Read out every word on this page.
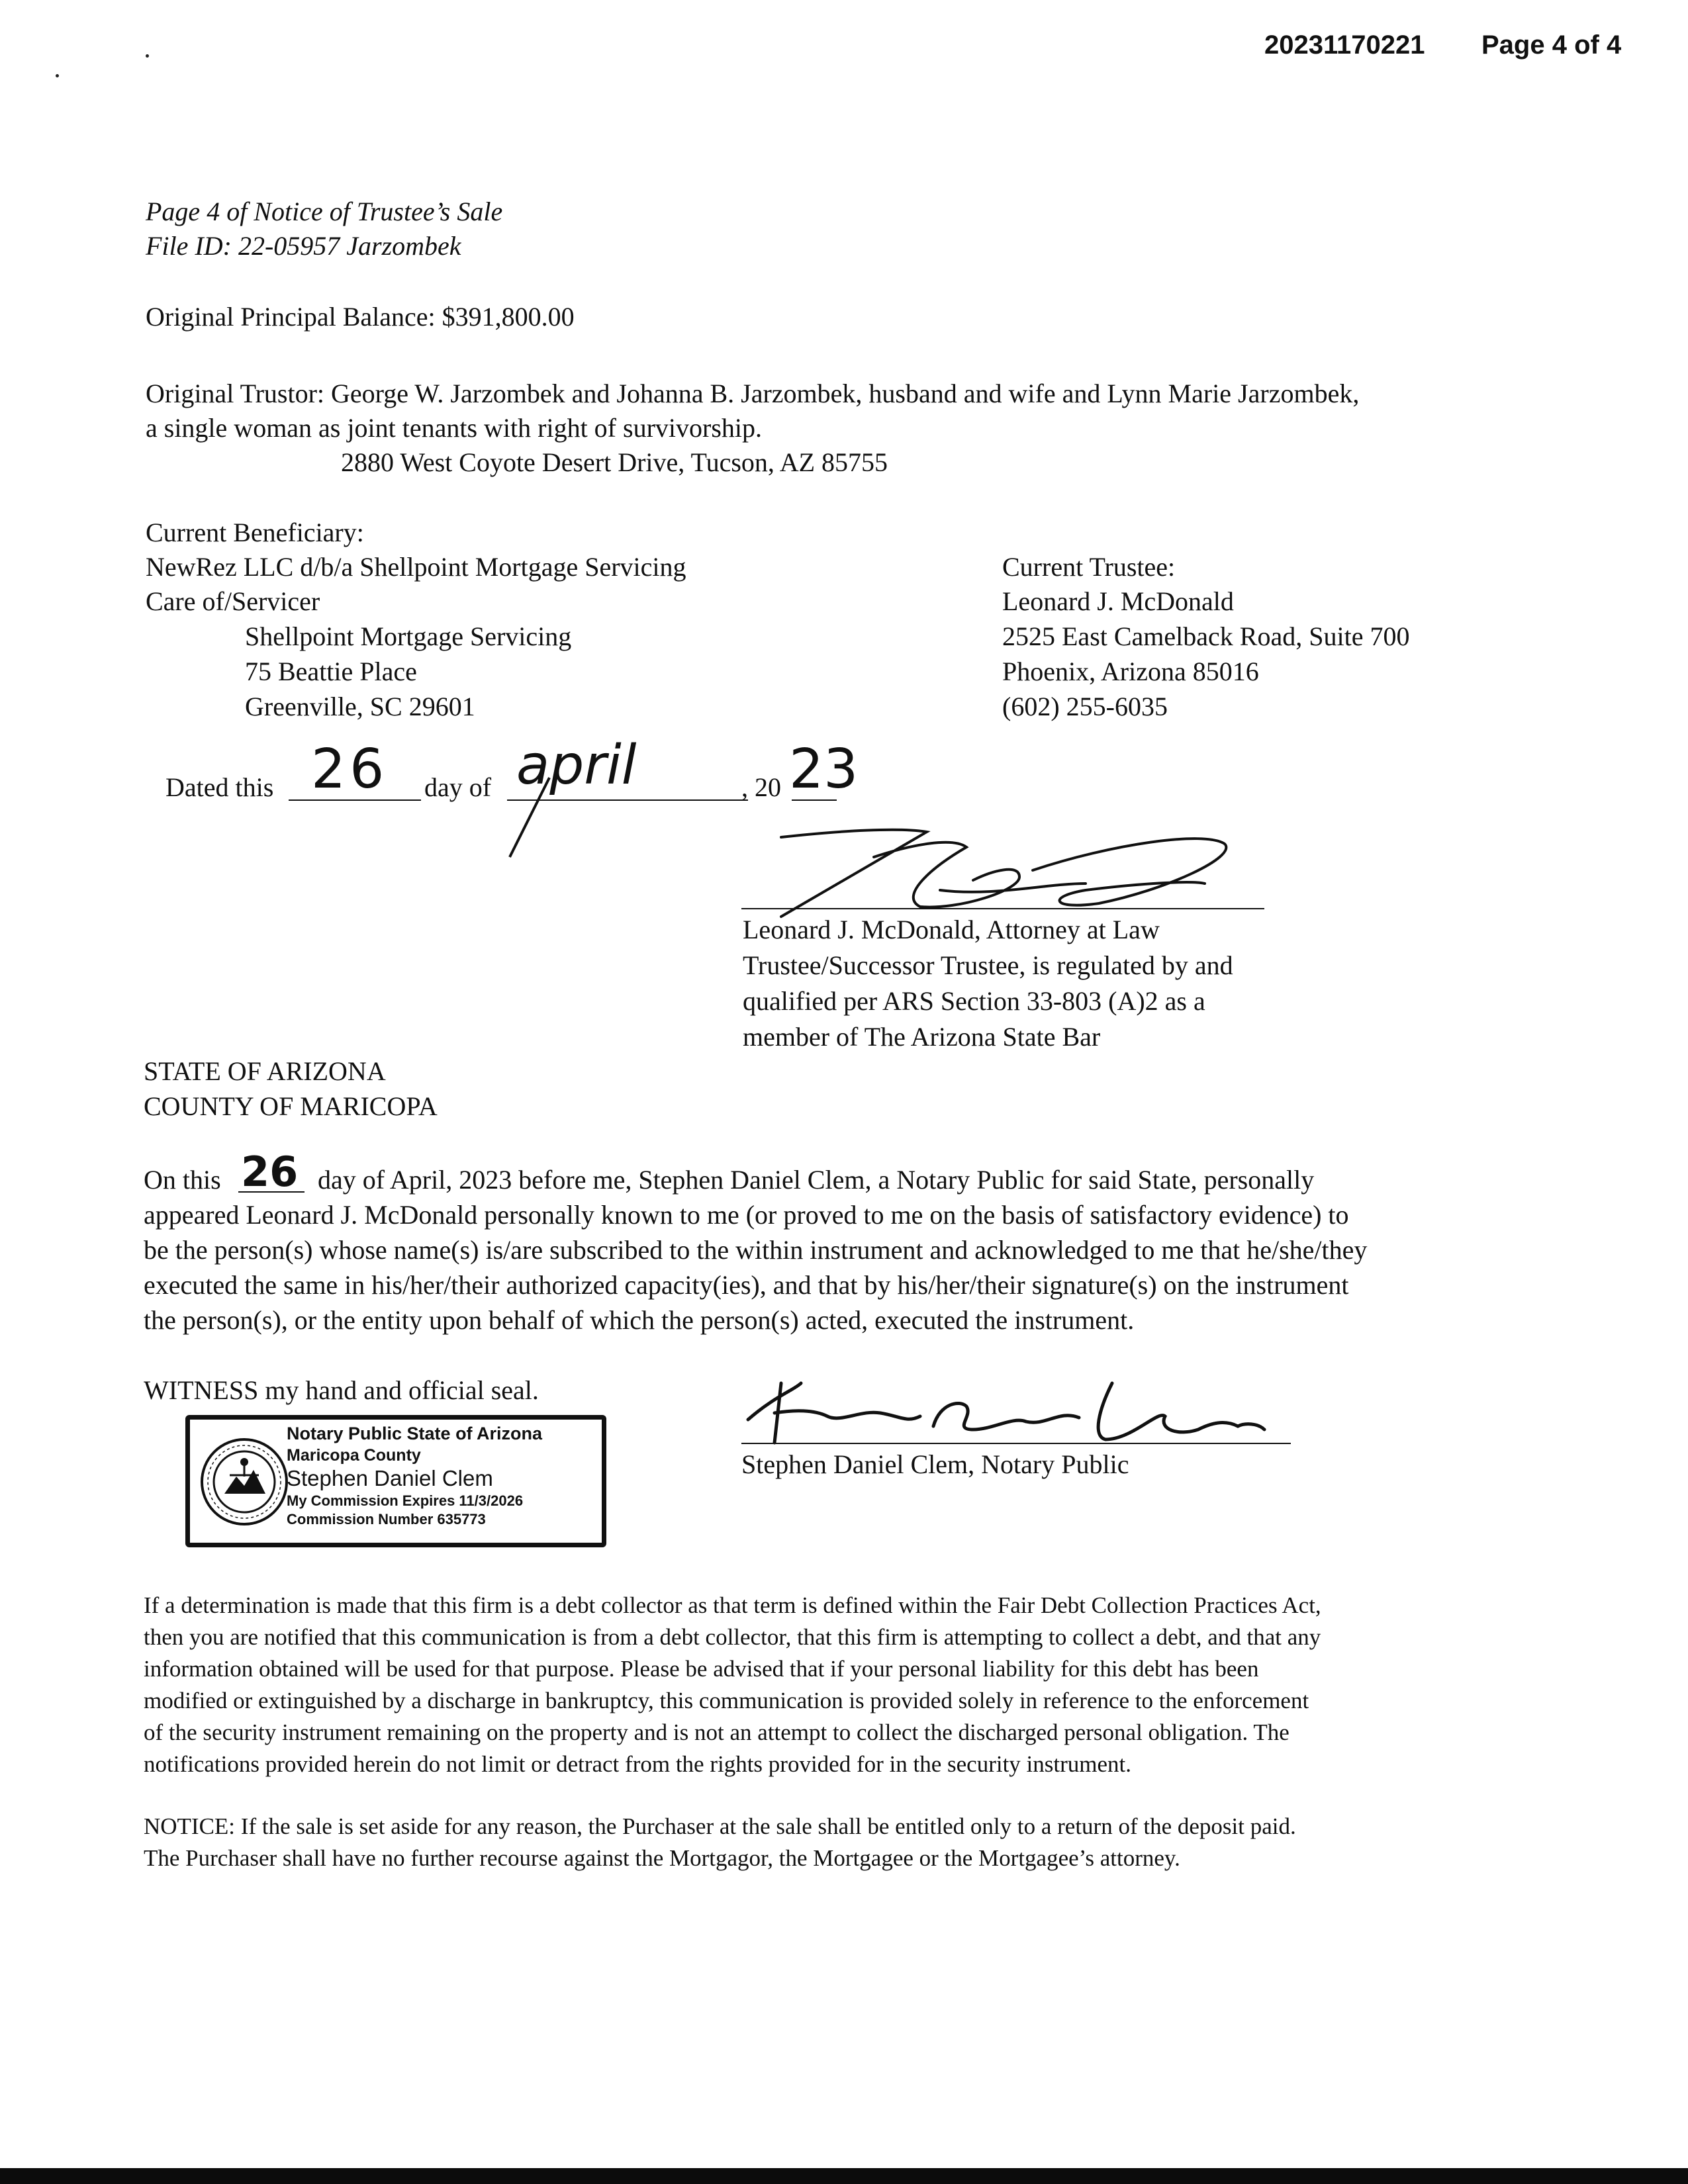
20231170221 Page 4 of 4
Page 4 of Notice of Trustee’s Sale
File ID: 22-05957 Jarzombek
Original Principal Balance: $391,800.00
Original Trustor: George W. Jarzombek and Johanna B. Jarzombek, husband and wife and Lynn Marie Jarzombek,
a single woman as joint tenants with right of survivorship.
2880 West Coyote Desert Drive, Tucson, AZ 85755
Current Beneficiary:
NewRez LLC d/b/a Shellpoint Mortgage Servicing
Care of/Servicer
Shellpoint Mortgage Servicing
75 Beattie Place
Greenville, SC 29601
Current Trustee:
Leonard J. McDonald
2525 East Camelback Road, Suite 700
Phoenix, Arizona 85016
(602) 255-6035
Dated this 26 day of april	, 20 23
Leonard J. McDonald, Attorney at Law
Trustee/Successor Trustee, is regulated by and
qualified per ARS Section 33-803 (A)2 as a
member of The Arizona State Bar
STATE OF ARIZONA
COUNTY OF MARICOPA
On this 26 day of April, 2023 before me, Stephen Daniel Clem, a Notary Public for said State, personally
appeared Leonard J. McDonald personally known to me (or proved to me on the basis of satisfactory evidence) to
be the person(s) whose name(s) is/are subscribed to the within instrument and acknowledged to me that he/she/they
executed the same in his/her/their authorized capacity(ies), and that by his/her/their signature(s) on the instrument
the person(s), or the entity upon behalf of which the person(s) acted, executed the instrument.
WITNESS my hand and official seal.
Notary Public State of Arizona
Maricopa County
Stephen Daniel Clem
My Commission Expires 11/3/2026
Commission Number 635773
Stephen Daniel Clem, Notary Public
If a determination is made that this firm is a debt collector as that term is defined within the Fair Debt Collection Practices Act,
then you are notified that this communication is from a debt collector, that this firm is attempting to collect a debt, and that any
information obtained will be used for that purpose. Please be advised that if your personal liability for this debt has been
modified or extinguished by a discharge in bankruptcy, this communication is provided solely in reference to the enforcement
of the security instrument remaining on the property and is not an attempt to collect the discharged personal obligation. The
notifications provided herein do not limit or detract from the rights provided for in the security instrument.
NOTICE: If the sale is set aside for any reason, the Purchaser at the sale shall be entitled only to a return of the deposit paid.
The Purchaser shall have no further recourse against the Mortgagor, the Mortgagee or the Mortgagee’s attorney.
